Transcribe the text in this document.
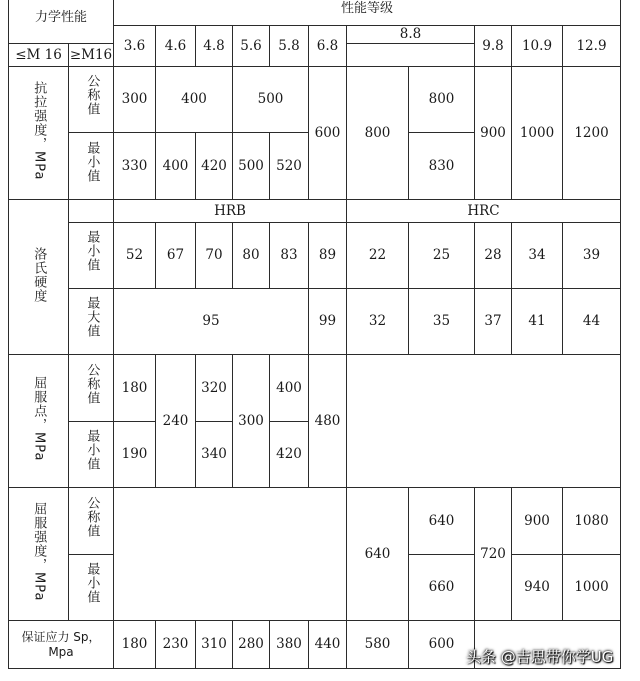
力学性能		性能等级										
		3.6	4.6	4.8	5.6	5.8	6.8	8.8		9.8	10.9	12.9
≤M 16	≥M16											
抗拉强度，MPa	公称值	300	400		500		600	800	800	900	1000	1200
	最小值	330	400	420	500	520			830			
洛氏硬度		HRB						HRC				
	最小值	52	67	70	80	83	89	22	25	28	34	39
	最大值	95					99	32	35	37	41	44
屈服点，MPa	公称值	180	240	320	300	400	480					
	最小值	190		340		420						
屈服强度，MPa	公称值							640	640	720	900	1080
	最小值								660		940	1000
保证应力 Sp，Mpa		180	230	310	280	380	440	580	600			
头条 @吉思带你学UG
